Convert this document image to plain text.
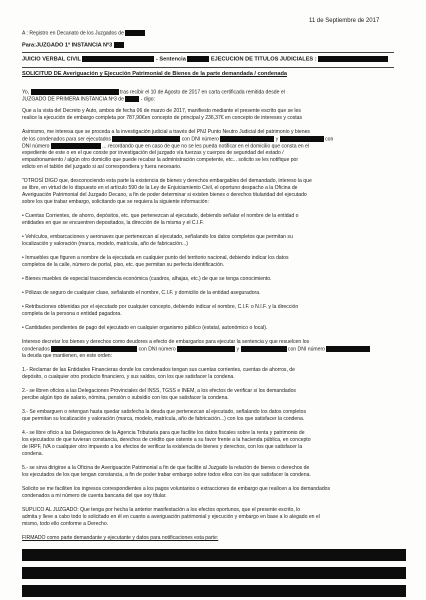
11 de Septiembre de 2017
A : Registro en Decanato de los Juzgados de
Para:JUZGADO 1ª INSTANCIA Nº3
JUICIO VERBAL CIVIL	- Sentencia	EJECUCION DE TITULOS JUDICIALES :
SOLICITUD DE Averiguación y Ejecución Patrimonial de Bienes de la parte demandada / condenada
Yo,	tras recibir el 10 de Agosto de 2017 en carta certificada remitida desde el
JUZGADO DE PRIMERA INSTANCIA Nº3 de	- digo:
Que a la vista del Decreto y Auto, ambos de fecha 06 de marzo de 2017, manifiesto mediante el presente escrito que se les
realice la ejecución de embargo completa por 787,90€en concepto de principal y 236,37€ en concepto de intereses y costas
Asimismo, me interesa que se proceda a la investigación judicial a través del PNJ Punto Neutro Judicial del patrimonio y bienes
de los condenados para ser ejecutados	con DNI número	y	con
DNI número	... recordando que en caso de que no se les pueda notificar en el domicilio que consta en el
expediente de este o en el que conste por investigación del juzgado vía fuerzas y cuerpos de seguridad del estado /
empadronamiento / algún otro domicilio que puede recabar la administración competente, etc... solicito se les notifique por
edicto en el tablón del juzgado si así correspondiera y fuera necesario.
"OTROSÍ DIGO que, desconociendo esta parte la existencia de bienes y derechos embargables del demandado, intereso la que
se libre, en virtud de lo dispuesto en el artículo 590 de la Ley de Enjuiciamiento Civil, el oportuno despacho a la Oficina de
Averiguación Patrimonial del Juzgado Decano, a fin de poder determinar si existen bienes o derechos titularidad del ejecutado
sobre los que trabar embargo, solicitando que se requiera la siguiente información:
• Cuentas Corrientes, de ahorro, depósitos, etc. que pertenezcan al ejecutado, debiendo señalar el nombre de la entidad o
entidades en que se encuentren depositados, la dirección de la misma y el C.I.F.
• Vehículos, embarcaciones y aeronaves que pertenezcan al ejecutado, señalando los datos completos que permitan su
localización y valoración (marca, modelo, matrícula, año de fabricación...)
• Inmuebles que figuren a nombre de la ejecutada en cualquier punto del territorio nacional, debiendo indicar los datos
completos de la calle, número de portal, piso, etc. que permitan su perfecta identificación.
• Bienes muebles de especial trascendencia económica (cuadros, alhajas, etc.) de que se tenga conocimiento.
• Pólizas de seguro de cualquier clase, señalando el nombre, C.I.F. y domicilio de la entidad aseguradora.
• Retribuciones obtenidas por el ejecutado por cualquier concepto, debiendo indicar el nombre, C.I.F. o N.I.F. y la dirección
completa de la persona o entidad pagadora.
• Cantidades pendientes de pago del ejecutado en cualquier organismo público (estatal, autonómico o local).
Intereso decretar los bienes y derechos como deudores a efecto de embargarlos para ejecutar la sentencia y que resuelcen los
condenados	con DNI número	y	con DNI número
la deuda que mantienen, en este orden:
1.- Reclamar de las Entidades Financieras donde los condenados tengan sus cuentas corrientes, cuentas de ahorros, de
depósito, o cualquier otro producto financiero, y sus saldos, con los que satisfacer la condena.
2.- se libren oficios a las Delegaciones Provinciales del INSS, TGSS e INEM, a los efectos de verificar si los demandados
percibe algún tipo de salario, nómina, pensión o subsidio con los que satisfacer la condena.
3.- Se embarguen o retengan hasta quedar satisfecha la deuda que pertenezcan al ejecutado, señalando los datos completos
que permitan su localización y valoración (marca, modelo, matrícula, año de fabricación...) con los que satisfacer la condena.
4.- se libre oficio a las Delegaciones de la Agencia Tributaria para que facilite los datos fiscales sobre la renta y patrimonio de
los ejecutados de que tuvieran constancia, derechos de crédito que ostente a su favor frente a la hacienda pública, en concepto
de IRPF, IVA o cualquier otro impuesto a los efectos de verificar la existencia de bienes y derechos, con los que satisfacer la
condena.
5.- se sirva dirigirse a la Oficina de Averiguación Patrimonial a fin de que facilite al Juzgado la relación de bienes o derechos de
los ejecutados de los que tengan constancia, a fin de poder trabar embargo sobre todos ellos con los que satisfacer la condena.
Solicito se me faciliten los ingresos correspondientes a los pagos voluntarios o extracciones de embargo que realicen a los demandados
condenados a mi número de cuenta bancaria del que soy titular.
SUPLICO AL JUZGADO: Que tenga por hecha la anterior manifestación a los efectos oportunos, que el presente escrito, lo
admita y lleve a cabo todo lo solicitado en él en cuanto a averiguación patrimonial y ejecución y embargo en base a lo alegado en el
mismo, todo ello conforme a Derecho.
FIRMADO como parte demandante y ejecutante y datos para notificaciones esta parte:
